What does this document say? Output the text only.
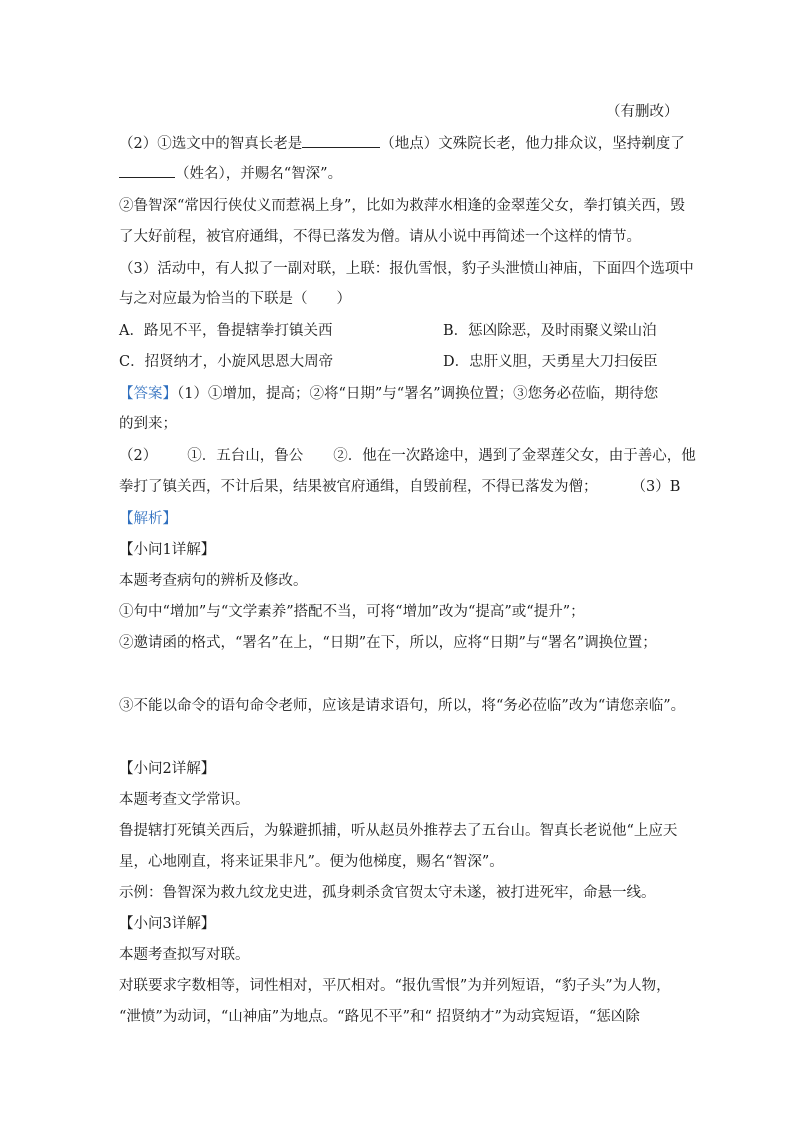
（有删改）
（2）①选文中的智真长老是	（地点）文殊院长老，他力排众议，坚持剃度了
（姓名），并赐名“智深”。
②鲁智深“常因行侠仗义而惹祸上身”，比如为救萍水相逢的金翠莲父女，拳打镇关西，毁
了大好前程，被官府通缉，不得已落发为僧。请从小说中再简述一个这样的情节。
（3）活动中，有人拟了一副对联，上联：报仇雪恨，豹子头泄愤山神庙，下面四个选项中
与之对应最为恰当的下联是（　　）
A．路见不平，鲁提辖拳打镇关西	B．惩凶除恶，及时雨聚义梁山泊
C．招贤纳才，小旋风思恩大周帝	D．忠肝义胆，天勇星大刀扫佞臣
【答案】（1）①增加，提高；②将“日期”与“署名”调换位置；③您务必莅临，期待您
的到来；
（2） ①．五台山，鲁公 ②．他在一次路途中，遇到了金翠莲父女，由于善心，他
拳打了镇关西，不计后果，结果被官府通缉，自毁前程，不得已落发为僧； （3）B
【解析】
【小问1详解】
本题考查病句的辨析及修改。
①句中“增加”与“文学素养”搭配不当，可将“增加”改为“提高”或“提升”；
②邀请函的格式，“署名”在上，“日期”在下，所以，应将“日期”与“署名”调换位置；
③不能以命令的语句命令老师，应该是请求语句，所以，将“务必莅临”改为“请您亲临”。
【小问2详解】
本题考查文学常识。
鲁提辖打死镇关西后，为躲避抓捕，听从赵员外推荐去了五台山。智真长老说他“上应天
星，心地刚直，将来证果非凡”。便为他梯度，赐名“智深”。
示例：鲁智深为救九纹龙史进，孤身刺杀贪官贺太守未遂，被打进死牢，命悬一线。
【小问3详解】
本题考查拟写对联。
对联要求字数相等，词性相对，平仄相对。“报仇雪恨”为并列短语，“豹子头”为人物，
“泄愤”为动词，“山神庙”为地点。“路见不平”和“ 招贤纳才”为动宾短语，“惩凶除
